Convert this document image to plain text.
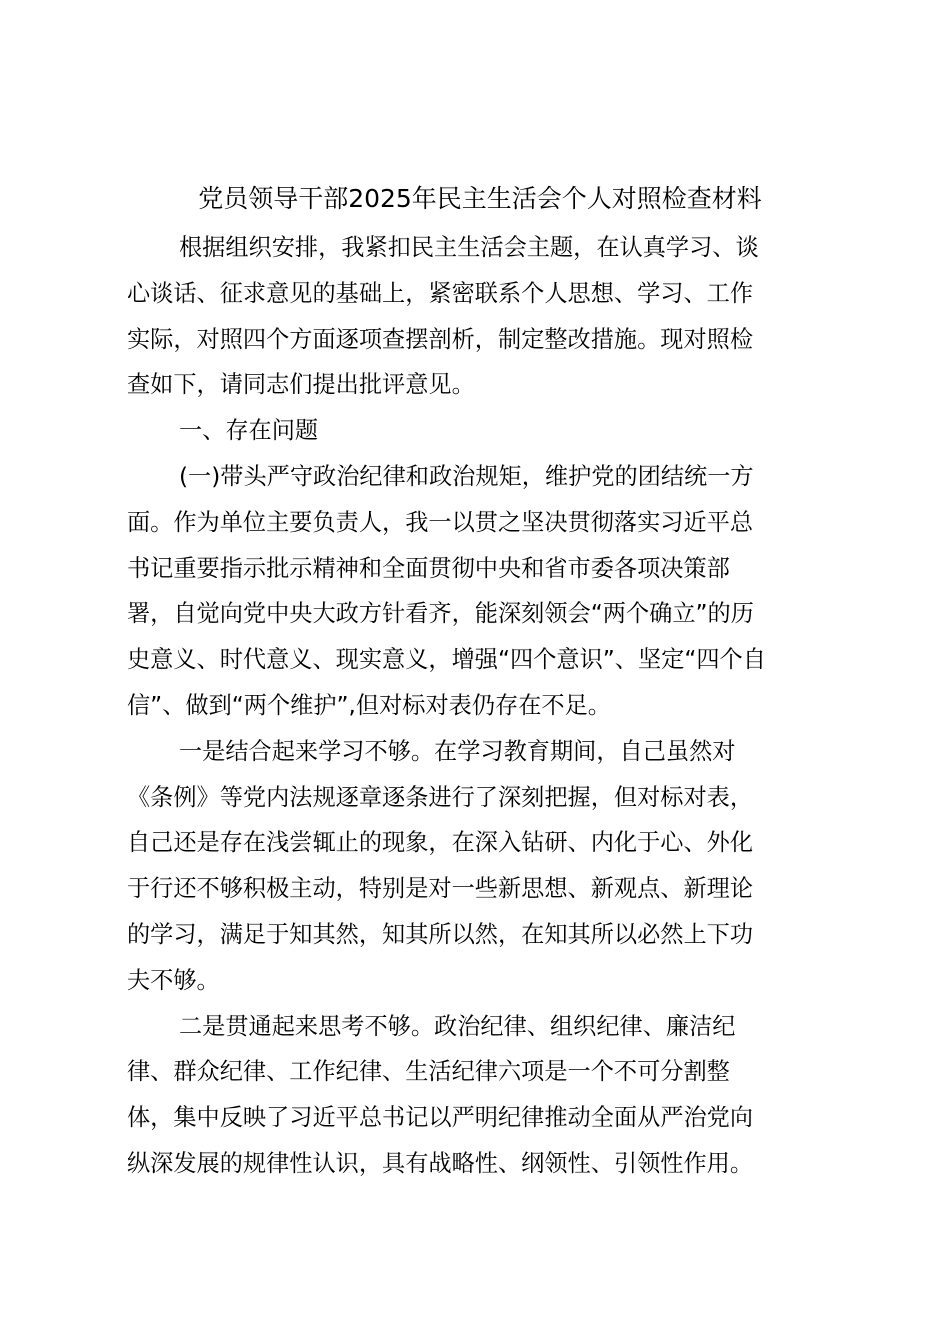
党员领导干部2025年民主生活会个人对照检查材料
根据组织安排，我紧扣民主生活会主题，在认真学习、谈
心谈话、征求意见的基础上，紧密联系个人思想、学习、工作
实际，对照四个方面逐项查摆剖析，制定整改措施。现对照检
查如下，请同志们提出批评意见。
一、存在问题
(一)带头严守政治纪律和政治规矩，维护党的团结统一方
面。作为单位主要负责人，我一以贯之坚决贯彻落实习近平总
书记重要指示批示精神和全面贯彻中央和省市委各项决策部
署，自觉向党中央大政方针看齐，能深刻领会“两个确立”的历
史意义、时代意义、现实意义，增强“四个意识”、坚定“四个自
信”、做到“两个维护”,但对标对表仍存在不足。
一是结合起来学习不够。在学习教育期间，自己虽然对
《条例》等党内法规逐章逐条进行了深刻把握，但对标对表，
自己还是存在浅尝辄止的现象，在深入钻研、内化于心、外化
于行还不够积极主动，特别是对一些新思想、新观点、新理论
的学习，满足于知其然，知其所以然，在知其所以必然上下功
夫不够。
二是贯通起来思考不够。政治纪律、组织纪律、廉洁纪
律、群众纪律、工作纪律、生活纪律六项是一个不可分割整
体，集中反映了习近平总书记以严明纪律推动全面从严治党向
纵深发展的规律性认识，具有战略性、纲领性、引领性作用。
